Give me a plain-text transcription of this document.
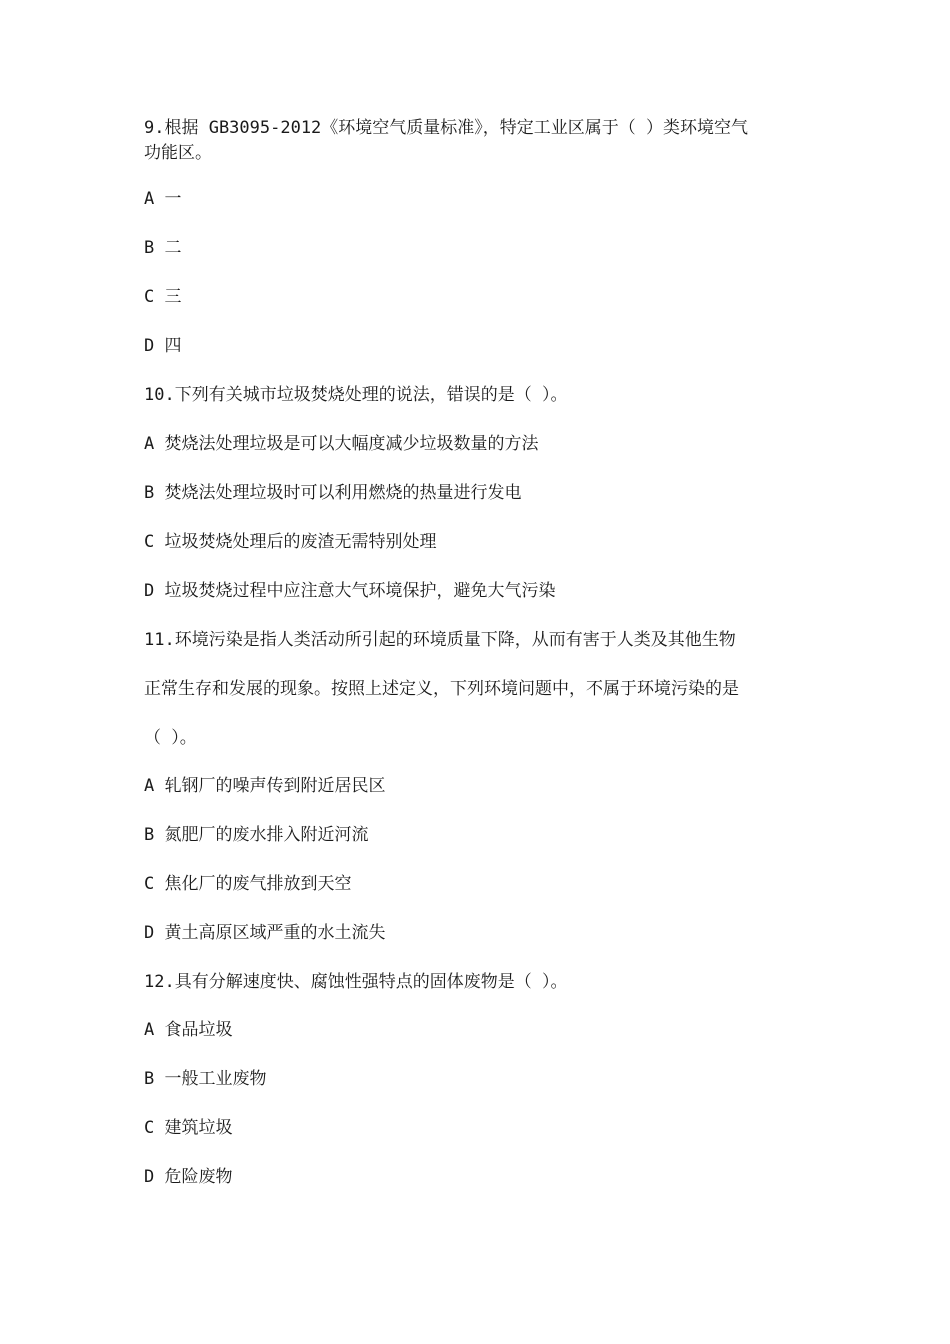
9.根据 GB3095-2012《环境空气质量标准》，特定工业区属于（ ）类环境空气

功能区。

A 一

B 二

C 三

D 四

10.下列有关城市垃圾焚烧处理的说法，错误的是（ ）。

A 焚烧法处理垃圾是可以大幅度减少垃圾数量的方法

B 焚烧法处理垃圾时可以利用燃烧的热量进行发电

C 垃圾焚烧处理后的废渣无需特别处理

D 垃圾焚烧过程中应注意大气环境保护，避免大气污染

11.环境污染是指人类活动所引起的环境质量下降，从而有害于人类及其他生物

正常生存和发展的现象。按照上述定义，下列环境问题中，不属于环境污染的是

（ ）。

A 轧钢厂的噪声传到附近居民区

B 氮肥厂的废水排入附近河流

C 焦化厂的废气排放到天空

D 黄土高原区域严重的水土流失

12.具有分解速度快、腐蚀性强特点的固体废物是（ ）。

A 食品垃圾

B 一般工业废物

C 建筑垃圾

D 危险废物
